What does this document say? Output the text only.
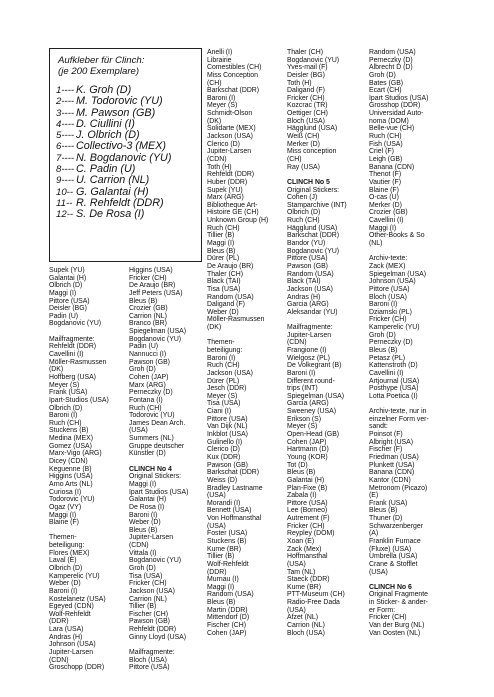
Aufkleber für Clinch:
(je 200 Exemplare)
1---- K. Groh (D)
2---- M. Todorovic (YU)
3---- M. Pawson (GB)
4---- D. Ciullini (I)
5---- J. Olbrich (D)
6---- Collectivo-3 (MEX)
7---- N. Bogdanovic (YU)
8---- C. Padin (U)
9---- U. Carrion (NL)
10-- G. Galantai (H)
11-- R. Rehfeldt (DDR)
12-- S. De Rosa (I)
Supek (YU)
Galantai (H)
Olbrich (D)
Maggi (I)
Pittore (USA)
Deisler (BG)
Padin (U)
Bogdanovic (YU)
Mailfragmente:
Rehfeldt (DDR)
Cavellini (I)
Möller-Rasmussen
(DK)
Hoffberg (USA)
Meyer (S)
Frank (USA)
Ipart-Studios (USA)
Olbrich (D)
Baroni (I)
Ruch (CH)
Stuckens (B)
Medina (MEX)
Gomez (USA)
Marx-Vigo (ARG)
Dicey (CDN)
Keguenne (B)
Higgins (USA)
Arno Arts (NL)
Curiosa (I)
Todorovic (YU)
Ogaz (VY)
Maggi (I)
Blaine (F)
Themen-
beteiligung:
Flores (MEX)
Laval (E)
Olbrich (D)
Kamperelic (YU)
Weber (D)
Baroni (I)
Kostelanetz (USA)
Egeyed (CDN)
Wolf-Rehfeldt
(DDR)
Lara (USA)
Andras (H)
Johnson (USA)
Jupiter-Larsen
(CDN)
Groschopp (DDR)
Higgins (USA)
Fricker (CH)
De Araujo (BR)
Jeff Peters (USA)
Bleus (B)
Crozier (GB)
Carrion (NL)
Branco (BR)
Spiegelman (USA)
Bogdanovic (YU)
Padin (U)
Nannucci (I)
Pawson (GB)
Groh (D)
Cohen (JAP)
Marx (ARG)
Perneczky (D)
Fontana (I)
Ruch (CH)
Todorovic (YU)
James Dean Arch.
(USA)
Summers (NL)
Gruppe deutscher
Künstler (D)
CLINCH No 4
Original Stickers:
Maggi (I)
Ipart Studios (USA)
Galantai (H)
De Rosa (I)
Baroni (I)
Weber (D)
Bleus (B)
Jupiter-Larsen
(CDN)
Vittala (I)
Bogdanovic (YU)
Groh (D)
Tisa (USA)
Fricker (CH)
Jackson (USA)
Carrion (NL)
Tillier (B)
Fischer (CH)
Pawson (GB)
Rehfeldt (DDR)
Ginny Lloyd (USA)
Mailfragmente:
Bloch (USA)
Pittore (USA)
Anelli (I)
Librairie
Comestibles (CH)
Miss Conception
(CH)
Barkschat (DDR)
Baroni (I)
Meyer (S)
Schmidt-Olson
(DK)
Solidarte (MEX)
Jackson (USA)
Clerico (D)
Jupiter-Larsen
(CDN)
Toth (H)
Rehfeldt (DDR)
Huber (DDR)
Supek (YU)
Marx (ARG)
Bibliotheque Art-
Histoire GE (CH)
Unknown Group (H)
Ruch (CH)
Tillier (B)
Maggi (I)
Bleus (B)
Dürer (PL)
De Araujo (BR)
Thaler (CH)
Black (TAI)
Tisa (USA)
Random (USA)
Daligand (F)
Weber (D)
Möller-Rasmussen
(DK)
Themen-
beteiligung:
Baroni (I)
Ruch (CH)
Jackson (USA)
Dürer (PL)
Jesch (DDR)
Meyer (S)
Tisa (USA)
Ciani (I)
Pittore (USA)
Van Dijk (NL)
Inkblot (USA)
Gulinello (I)
Clerico (D)
Kux (DDR)
Pawson (GB)
Barkschat (DDR)
Weiss (D)
Bradley Lastname
(USA)
Morandi (I)
Bennett (USA)
Von Hoffmansthal
(USA)
Foster (USA)
Stuckens (B)
Kume (BR)
Tillier (B)
Wolf-Rehfeldt
(DDR)
Murnau (I)
Maggi (I)
Random (USA)
Bleus (B)
Martin (DDR)
Mittendorf (D)
Fischer (CH)
Cohen (JAP)
Thaler (CH)
Bogdanovic (YU)
Yves-mail (F)
Deisler (BG)
Toth (H)
Daligand (F)
Fricker (CH)
Kozcrac (TR)
Oettiger (CH)
Bloch (USA)
Hägglund (USA)
Weiß (CH)
Merker (D)
Miss conception
(CH)
Ray (USA)
CLINCH No 5
Original Stickers:
Cohen (J)
Stamparchive (INT)
Olbrich (D)
Ruch (CH)
Hägglund (USA)
Barkschat (DDR)
Bandor (YU)
Bogdanovic (YU)
Pittore (USA)
Pawson (GB)
Random (USA)
Black (TAI)
Jackson (USA)
Andras (H)
Garcia (ARG)
Aleksandar (YU)
Mailfragmente:
Jupiter-Larsen
(CDN)
Frangione (I)
Wielgosz (PL)
De Volkegrant (B)
Baroni (I)
Different round-
trips (INT)
Spiegelman (USA)
Garcia (ARG)
Sweeney (USA)
Erikson (S)
Meyer (S)
Open-Head (GB)
Cohen (JAP)
Hartmann (D)
Young (KOR)
Tot (D)
Bleus (B)
Galantai (H)
Plan-Fixe (B)
Zabala (I)
Pittore (USA)
Lee (Borneo)
Autrement (F)
Fricker (CH)
Reypley (DOM)
Xoan (E)
Zack (Mex)
Hoffmansthal
(USA)
Tam (NL)
Staeck (DDR)
Kume (BR)
PTT-Museum (CH)
Radio-Free Dada
(USA)
Afzet (NL)
Carrion (NL)
Bloch (USA)
Random (USA)
Perneczky (D)
Albrecht D (D)
Groh (D)
Bates (GB)
Ecart (CH)
Ipart Studios (USA)
Grosshop (DDR)
Universidad Auto-
noma (DOM)
Belle-vue (CH)
Ruch (CH)
Fish (USA)
Criel (F)
Leigh (GB)
Banana (CDN)
Thenot (F)
Vautier (F)
Blaine (F)
O-cas (U)
Merker (D)
Crozier (GB)
Cavellini (I)
Maggi (I)
Other-Books & So
(NL)
Archiv-texte:
Zack (MEX)
Spiegelman (USA)
Johnson (USA)
Pittore (USA)
Bloch (USA)
Baroni (I)
Dziamski (PL)
Fricker (CH)
Kamperelic (YU)
Groh (D)
Perneczky (D)
Bleus (B)
Petasz (PL)
Kattenstroth (D)
Cavellini (I)
Artjournal (USA)
Posthype (USA)
Lotta Poetica (I)
Archiv-texte, nur in
einzelner Form ver-
sandt:
Poinsot (F)
Albright (USA)
Fischer (F)
Friedman (USA)
Plunkett (USA)
Banana (CDN)
Kantor (CDN)
Metronom (Picazo)
(E)
Frank (USA)
Bleus (B)
Thuner (D)
Schwarzenberger
(A)
Franklin Furnace
(Fluxe) (USA)
Umbrella (USA)
Crane & Stofflet
(USA)
CLINCH No 6
Original Fragmente
in Sticker- & ander-
er Form:
Fricker (CH)
Van der Burg (NL)
Van Oosten (NL)
